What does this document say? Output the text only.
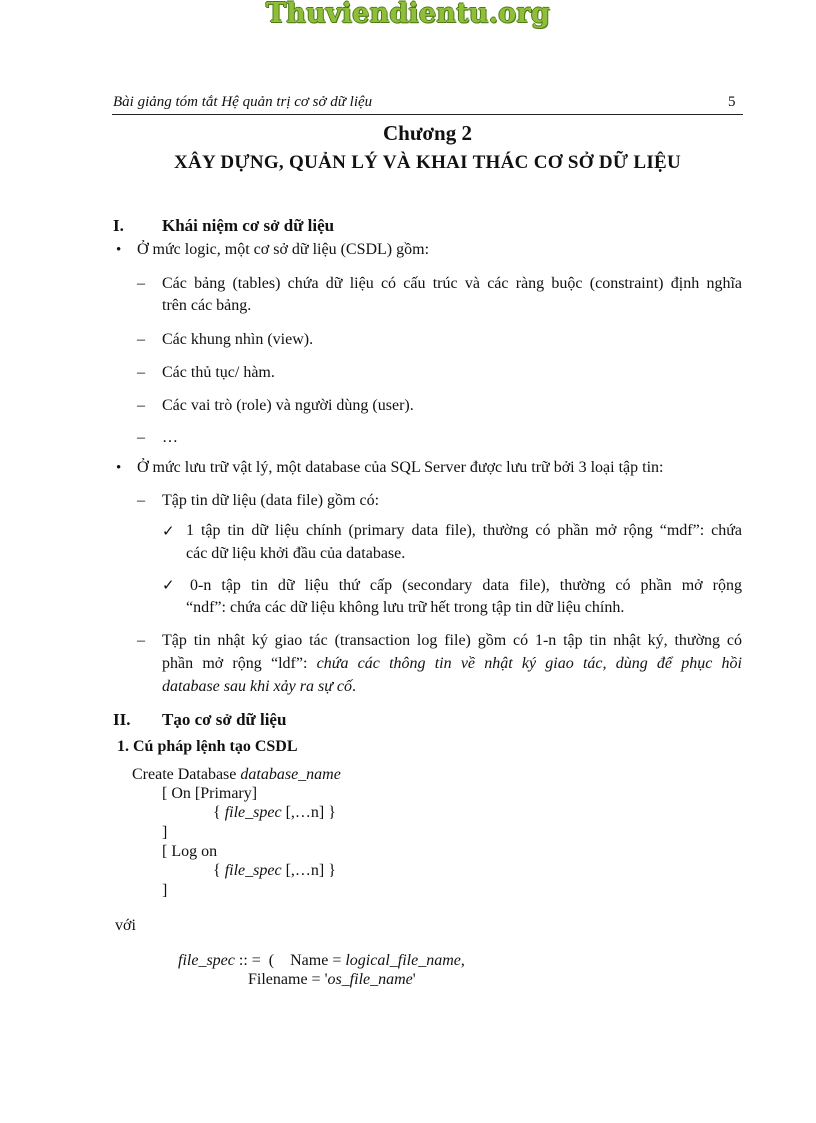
Thuviendientu.org
Bài giảng tóm tắt Hệ quản trị cơ sở dữ liệu	5
Chương 2
XÂY DỰNG, QUẢN LÝ VÀ KHAI THÁC CƠ SỞ DỮ LIỆU
I. Khái niệm cơ sở dữ liệu
• Ở mức logic, một cơ sở dữ liệu (CSDL) gồm:
– Các bảng (tables) chứa dữ liệu có cấu trúc và các ràng buộc (constraint) định nghĩa
trên các bảng.
– Các khung nhìn (view).
– Các thủ tục/ hàm.
– Các vai trò (role) và người dùng (user).
– …
• Ở mức lưu trữ vật lý, một database của SQL Server được lưu trữ bởi 3 loại tập tin:
– Tập tin dữ liệu (data file) gồm có:
✓ 1 tập tin dữ liệu chính (primary data file), thường có phần mở rộng “mdf”: chứa
các dữ liệu khởi đầu của database.
✓ 0-n tập tin dữ liệu thứ cấp (secondary data file), thường có phần mở rộng
“ndf”: chứa các dữ liệu không lưu trữ hết trong tập tin dữ liệu chính.
– Tập tin nhật ký giao tác (transaction log file) gồm có 1-n tập tin nhật ký, thường có
phần mở rộng “ldf”: chứa các thông tin về nhật ký giao tác, dùng để phục hồi
database sau khi xảy ra sự cố.
II. Tạo cơ sở dữ liệu
1. Cú pháp lệnh tạo CSDL
Create Database database_name
[ On [Primary]
{ file_spec [,…n] }
]
[ Log on
{ file_spec [,…n] }
]
với
file_spec :: =  (    Name = logical_file_name,
Filename = 'os_file_name'
